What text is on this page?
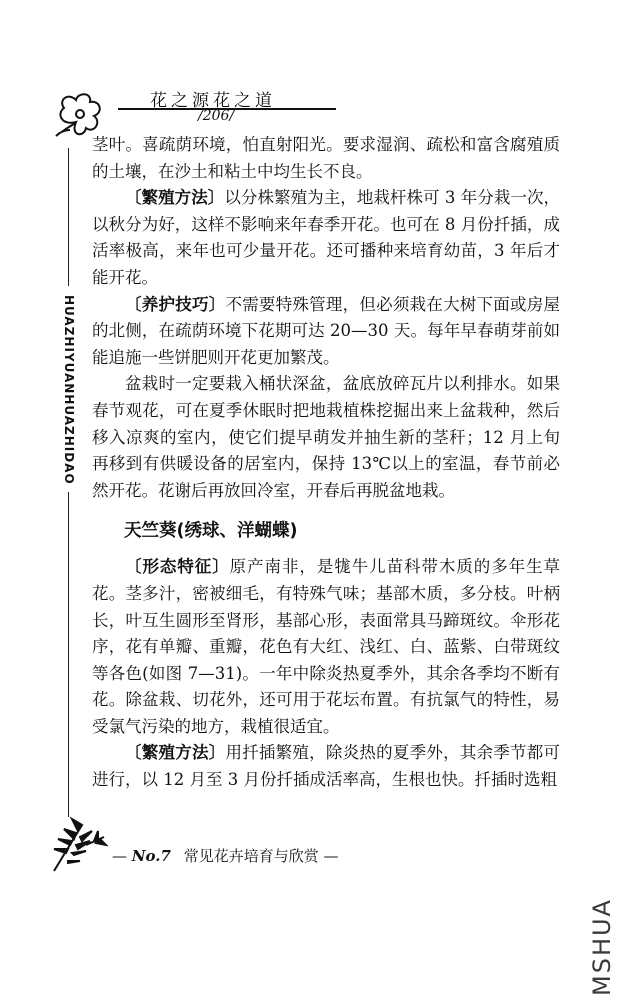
花之源花之道
/206/
HUAZHIYUANHUAZHIDAO

茎叶。喜疏荫环境，怕直射阳光。要求湿润、疏松和富含腐殖质的土壤，在沙土和粘土中均生长不良。

〔繁殖方法〕以分株繁殖为主，地栽杆株可 3 年分栽一次，以秋分为好，这样不影响来年春季开花。也可在 8 月份扦插，成活率极高，来年也可少量开花。还可播种来培育幼苗，3 年后才能开花。

〔养护技巧〕不需要特殊管理，但必须栽在大树下面或房屋的北侧，在疏荫环境下花期可达 20—30 天。每年早春萌芽前如能追施一些饼肥则开花更加繁茂。

盆栽时一定要栽入桶状深盆，盆底放碎瓦片以利排水。如果春节观花，可在夏季休眠时把地栽植株挖掘出来上盆栽种，然后移入凉爽的室内，使它们提早萌发并抽生新的茎秆；12 月上旬再移到有供暖设备的居室内，保持 13℃以上的室温，春节前必然开花。花谢后再放回冷室，开春后再脱盆地栽。

天竺葵(绣球、洋蝴蝶)

〔形态特征〕原产南非，是牻牛儿苗科带木质的多年生草花。茎多汁，密被细毛，有特殊气味；基部木质，多分枝。叶柄长，叶互生圆形至肾形，基部心形，表面常具马蹄斑纹。伞形花序，花有单瓣、重瓣，花色有大红、浅红、白、蓝紫、白带斑纹等各色(如图 7—31)。一年中除炎热夏季外，其余各季均不断有花。除盆栽、切花外，还可用于花坛布置。有抗氯气的特性，易受氯气污染的地方，栽植很适宜。

〔繁殖方法〕用扦插繁殖，除炎热的夏季外，其余季节都可进行，以 12 月至 3 月份扦插成活率高，生根也快。扦插时选粗

— No.7 常见花卉培育与欣赏 —
MSHUA
